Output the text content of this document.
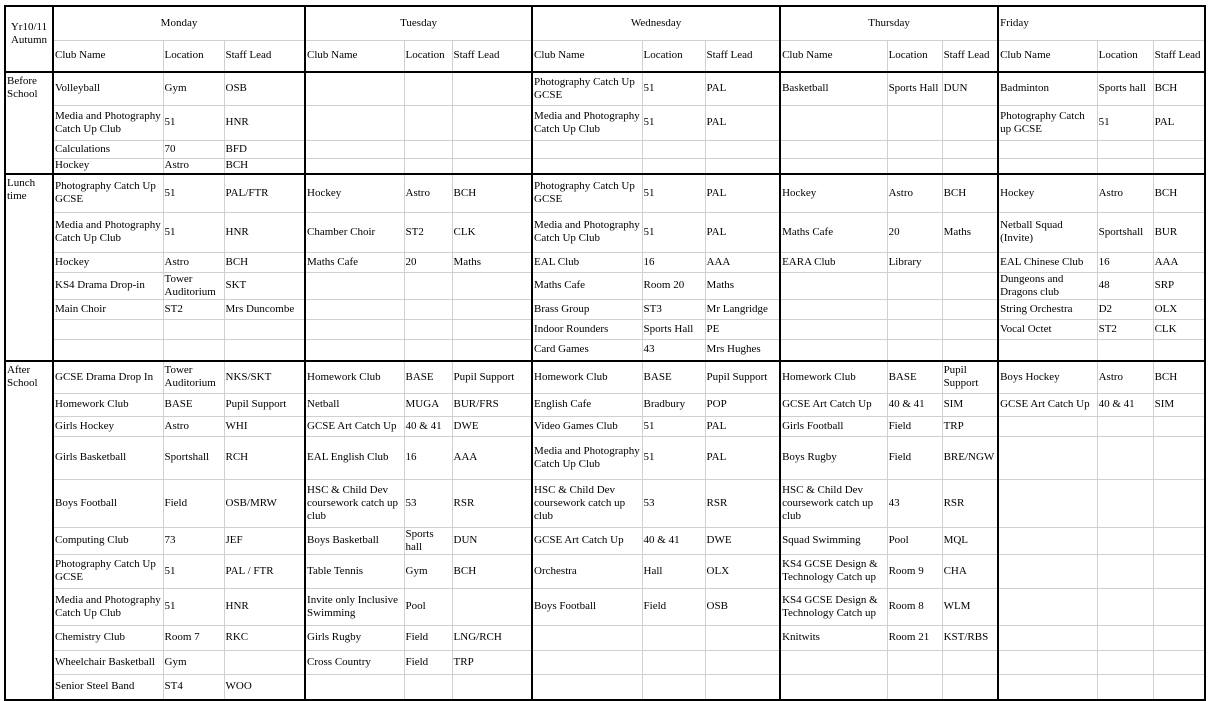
Yr10/11 Autumn	Monday			Tuesday			Wednesday			Thursday			Friday		
	Club Name	Location	Staff Lead	Club Name	Location	Staff Lead	Club Name	Location	Staff Lead	Club Name	Location	Staff Lead	Club Name	Location	Staff Lead
Before School	Volleyball	Gym	OSB				Photography Catch Up GCSE	51	PAL	Basketball	Sports Hall	DUN	Badminton	Sports hall	BCH
	Media and Photography Catch Up Club	51	HNR				Media and Photography Catch Up Club	51	PAL				Photography Catch up GCSE	51	PAL
	Calculations	70	BFD												
	Hockey	Astro	BCH												
Lunch time	Photography Catch Up GCSE	51	PAL/FTR	Hockey	Astro	BCH	Photography Catch Up GCSE	51	PAL	Hockey	Astro	BCH	Hockey	Astro	BCH
	Media and Photography Catch Up Club	51	HNR	Chamber Choir	ST2	CLK	Media and Photography Catch Up Club	51	PAL	Maths Cafe	20	Maths	Netball Squad (Invite)	Sportshall	BUR
	Hockey	Astro	BCH	Maths Cafe	20	Maths	EAL Club	16	AAA	EARA Club	Library		EAL Chinese Club	16	AAA
	KS4 Drama Drop-in	Tower Auditorium	SKT				Maths Cafe	Room 20	Maths				Dungeons and Dragons club	48	SRP
	Main Choir	ST2	Mrs Duncombe				Brass Group	ST3	Mr Langridge				String Orchestra	D2	OLX
							Indoor Rounders	Sports Hall	PE				Vocal Octet	ST2	CLK
							Card Games	43	Mrs Hughes						
After School	GCSE Drama Drop In	Tower Auditorium	NKS/SKT	Homework Club	BASE	Pupil Support	Homework Club	BASE	Pupil Support	Homework Club	BASE	Pupil Support	Boys Hockey	Astro	BCH
	Homework Club	BASE	Pupil Support	Netball	MUGA	BUR/FRS	English Cafe	Bradbury	POP	GCSE Art Catch Up	40 & 41	SIM	GCSE Art Catch Up	40 & 41	SIM
	Girls Hockey	Astro	WHI	GCSE Art Catch Up	40 & 41	DWE	Video Games Club	51	PAL	Girls Football	Field	TRP			
	Girls Basketball	Sportshall	RCH	EAL English Club	16	AAA	Media and Photography Catch Up Club	51	PAL	Boys Rugby	Field	BRE/NGW			
	Boys Football	Field	OSB/MRW	HSC & Child Dev coursework catch up club	53	RSR	HSC & Child Dev coursework catch up club	53	RSR	HSC & Child Dev coursework catch up club	43	RSR			
	Computing Club	73	JEF	Boys Basketball	Sports hall	DUN	GCSE Art Catch Up	40 & 41	DWE	Squad Swimming	Pool	MQL			
	Photography Catch Up GCSE	51	PAL / FTR	Table Tennis	Gym	BCH	Orchestra	Hall	OLX	KS4 GCSE Design & Technology Catch up	Room 9	CHA			
	Media and Photography Catch Up Club	51	HNR	Invite only Inclusive Swimming	Pool		Boys Football	Field	OSB	KS4 GCSE Design & Technology Catch up	Room 8	WLM			
	Chemistry Club	Room 7	RKC	Girls Rugby	Field	LNG/RCH				Knitwits	Room 21	KST/RBS			
	Wheelchair Basketball	Gym		Cross Country	Field	TRP									
	Senior Steel Band	ST4	WOO												
